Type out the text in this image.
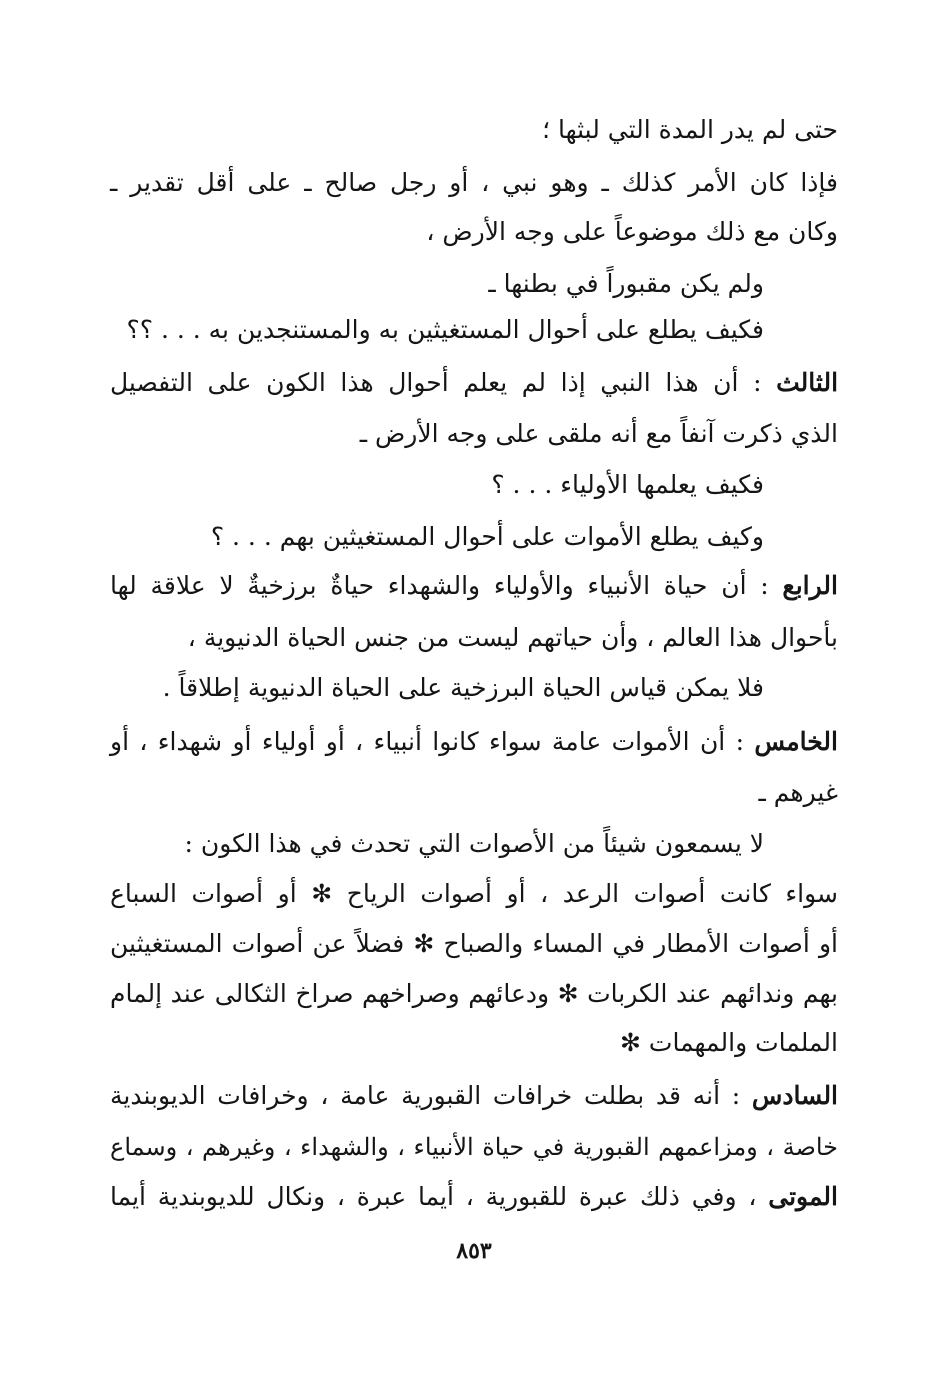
حتى لم يدر المدة التي لبثها ؛
فإذا كان الأمر كذلك ـ وهو نبي ، أو رجل صالح ـ على أقل تقدير ـ
وكان مع ذلك موضوعاً على وجه الأرض ،
ولم يكن مقبوراً في بطنها ـ
فكيف يطلع على أحوال المستغيثين به والمستنجدين به . . . ؟؟
الثالث : أن هذا النبي إذا لم يعلم أحوال هذا الكون على التفصيل
الذي ذكرت آنفاً مع أنه ملقى على وجه الأرض ـ
فكيف يعلمها الأولياء . . . ؟
وكيف يطلع الأموات على أحوال المستغيثين بهم . . . ؟
الرابع : أن حياة الأنبياء والأولياء والشهداء حياةٌ برزخيةٌ لا علاقة لها
بأحوال هذا العالم ، وأن حياتهم ليست من جنس الحياة الدنيوية ،
فلا يمكن قياس الحياة البرزخية على الحياة الدنيوية إطلاقاً .
الخامس : أن الأموات عامة سواء كانوا أنبياء ، أو أولياء أو شهداء ، أو
غيرهم ـ
لا يسمعون شيئاً من الأصوات التي تحدث في هذا الكون :
سواء كانت أصوات الرعد ، أو أصوات الرياح ✻ أو أصوات السباع
أو أصوات الأمطار في المساء والصباح ✻ فضلاً عن أصوات المستغيثين
بهم وندائهم عند الكربات ✻ ودعائهم وصراخهم صراخ الثكالى عند إلمام
الملمات والمهمات ✻
السادس : أنه قد بطلت خرافات القبورية عامة ، وخرافات الديوبندية
خاصة ، ومزاعمهم القبورية في حياة الأنبياء ، والشهداء ، وغيرهم ، وسماع
الموتى ، وفي ذلك عبرة للقبورية ، أيما عبرة ، ونكال للديوبندية أيما
٨٥٣
